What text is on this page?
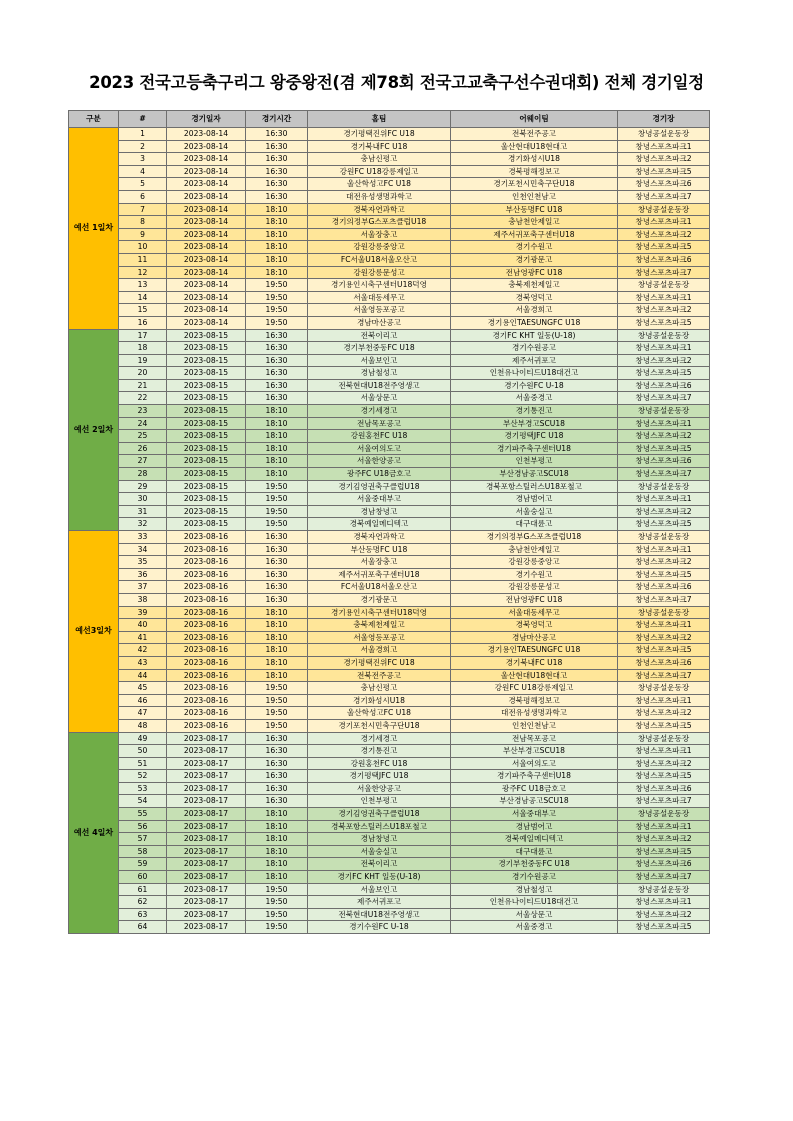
2023 전국고등축구리그 왕중왕전(겸 제78회 전국고교축구선수권대회) 전체 경기일정
구분	#	경기일자	경기시간	홈팀	어웨이팀	경기장
예선 1일차	1	2023-08-14	16:30	경기평택진위FC U18	전북전주공고	창녕공설운동장
	2	2023-08-14	16:30	경기북내FC U18	울산현대U18현대고	창녕스포츠파크1
	3	2023-08-14	16:30	충남신평고	경기화성시U18	창녕스포츠파크2
	4	2023-08-14	16:30	강원FC U18강릉제일고	경북평해정보고	창녕스포츠파크5
	5	2023-08-14	16:30	울산학성고FC U18	경기포천시민축구단U18	창녕스포츠파크6
	6	2023-08-14	16:30	대전유성생명과학고	인천인천남고	창녕스포츠파크7
	7	2023-08-14	18:10	경북자연과학고	부산동명FC U18	창녕공설운동장
	8	2023-08-14	18:10	경기의정부G스포츠클럽U18	충남천안제일고	창녕스포츠파크1
	9	2023-08-14	18:10	서울장충고	제주서귀포축구센터U18	창녕스포츠파크2
	10	2023-08-14	18:10	강원강릉중앙고	경기수원고	창녕스포츠파크5
	11	2023-08-14	18:10	FC서울U18서울오산고	경기광문고	창녕스포츠파크6
	12	2023-08-14	18:10	강원강릉문성고	전남영광FC U18	창녕스포츠파크7
	13	2023-08-14	19:50	경기용인시축구센터U18덕영	충북제천제일고	창녕공설운동장
	14	2023-08-14	19:50	서울대동세무고	경북영덕고	창녕스포츠파크1
	15	2023-08-14	19:50	서울영등포공고	서울경희고	창녕스포츠파크2
	16	2023-08-14	19:50	경남마산공고	경기용인TAESUNGFC U18	창녕스포츠파크5
예선 2일차	17	2023-08-15	16:30	전북이리고	경기FC KHT 일동(U-18)	창녕공설운동장
	18	2023-08-15	16:30	경기부천중동FC U18	경기수원공고	창녕스포츠파크1
	19	2023-08-15	16:30	서울보인고	제주서귀포고	창녕스포츠파크2
	20	2023-08-15	16:30	경남철성고	인천유나이티드U18대건고	창녕스포츠파크5
	21	2023-08-15	16:30	전북현대U18전주영생고	경기수원FC U-18	창녕스포츠파크6
	22	2023-08-15	16:30	서울상문고	서울중경고	창녕스포츠파크7
	23	2023-08-15	18:10	경기세경고	경기통진고	창녕공설운동장
	24	2023-08-15	18:10	전남목포공고	부산부경고SCU18	창녕스포츠파크1
	25	2023-08-15	18:10	강원홍천FC U18	경기평택JFC U18	창녕스포츠파크2
	26	2023-08-15	18:10	서울여의도고	경기파주축구센터U18	창녕스포츠파크5
	27	2023-08-15	18:10	서울한양공고	인천부평고	창녕스포츠파크6
	28	2023-08-15	18:10	광주FC U18금호고	부산경남공고SCU18	창녕스포츠파크7
	29	2023-08-15	19:50	경기김영권축구클럽U18	경북포항스틸러스U18포철고	창녕공설운동장
	30	2023-08-15	19:50	서울중대부고	경남범어고	창녕스포츠파크1
	31	2023-08-15	19:50	경남창녕고	서울숭실고	창녕스포츠파크2
	32	2023-08-15	19:50	경북예일메디텍고	대구대륜고	창녕스포츠파크5
예선3일차	33	2023-08-16	16:30	경북자연과학고	경기의정부G스포츠클럽U18	창녕공설운동장
	34	2023-08-16	16:30	부산동명FC U18	충남천안제일고	창녕스포츠파크1
	35	2023-08-16	16:30	서울장충고	강원강릉중앙고	창녕스포츠파크2
	36	2023-08-16	16:30	제주서귀포축구센터U18	경기수원고	창녕스포츠파크5
	37	2023-08-16	16:30	FC서울U18서울오산고	강원강릉문성고	창녕스포츠파크6
	38	2023-08-16	16:30	경기광문고	전남영광FC U18	창녕스포츠파크7
	39	2023-08-16	18:10	경기용인시축구센터U18덕영	서울대동세무고	창녕공설운동장
	40	2023-08-16	18:10	충북제천제일고	경북영덕고	창녕스포츠파크1
	41	2023-08-16	18:10	서울영등포공고	경남마산공고	창녕스포츠파크2
	42	2023-08-16	18:10	서울경희고	경기용인TAESUNGFC U18	창녕스포츠파크5
	43	2023-08-16	18:10	경기평택진위FC U18	경기북내FC U18	창녕스포츠파크6
	44	2023-08-16	18:10	전북전주공고	울산현대U18현대고	창녕스포츠파크7
	45	2023-08-16	19:50	충남신평고	강원FC U18강릉제일고	창녕공설운동장
	46	2023-08-16	19:50	경기화성시U18	경북평해정보고	창녕스포츠파크1
	47	2023-08-16	19:50	울산학성고FC U18	대전유성생명과학고	창녕스포츠파크2
	48	2023-08-16	19:50	경기포천시민축구단U18	인천인천남고	창녕스포츠파크5
예선 4일차	49	2023-08-17	16:30	경기세경고	전남목포공고	창녕공설운동장
	50	2023-08-17	16:30	경기통진고	부산부경고SCU18	창녕스포츠파크1
	51	2023-08-17	16:30	강원홍천FC U18	서울여의도고	창녕스포츠파크2
	52	2023-08-17	16:30	경기평택JFC U18	경기파주축구센터U18	창녕스포츠파크5
	53	2023-08-17	16:30	서울한양공고	광주FC U18금호고	창녕스포츠파크6
	54	2023-08-17	16:30	인천부평고	부산경남공고SCU18	창녕스포츠파크7
	55	2023-08-17	18:10	경기김영권축구클럽U18	서울중대부고	창녕공설운동장
	56	2023-08-17	18:10	경북포항스틸러스U18포철고	경남범어고	창녕스포츠파크1
	57	2023-08-17	18:10	경남창녕고	경북예일메디텍고	창녕스포츠파크2
	58	2023-08-17	18:10	서울숭실고	대구대륜고	창녕스포츠파크5
	59	2023-08-17	18:10	전북이리고	경기부천중동FC U18	창녕스포츠파크6
	60	2023-08-17	18:10	경기FC KHT 일동(U-18)	경기수원공고	창녕스포츠파크7
	61	2023-08-17	19:50	서울보인고	경남철성고	창녕공설운동장
	62	2023-08-17	19:50	제주서귀포고	인천유나이티드U18대건고	창녕스포츠파크1
	63	2023-08-17	19:50	전북현대U18전주영생고	서울상문고	창녕스포츠파크2
	64	2023-08-17	19:50	경기수원FC U-18	서울중경고	창녕스포츠파크5
